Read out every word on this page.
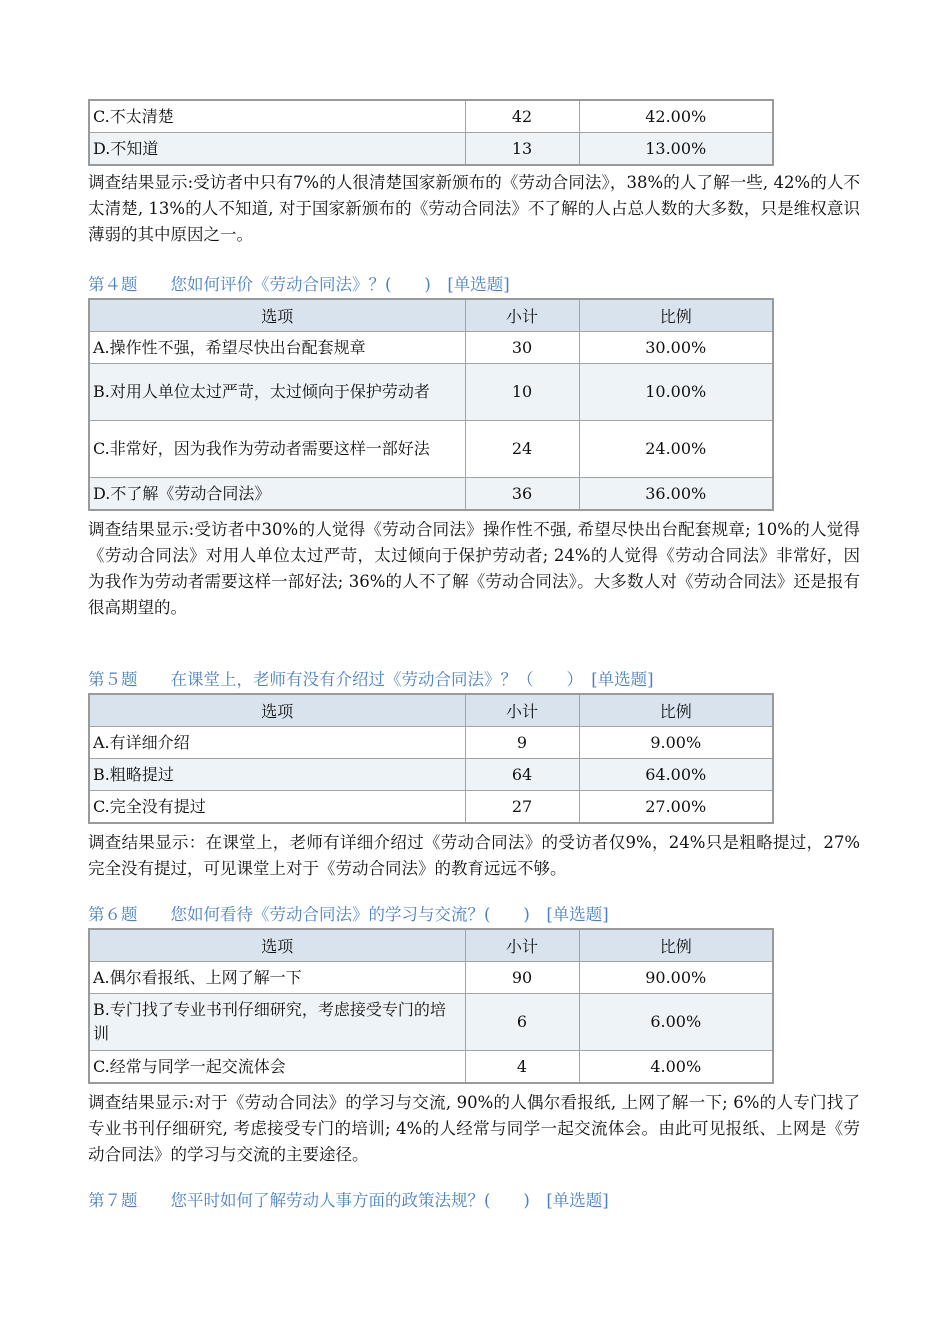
C.不太清楚	42	42.00%
D.不知道	13	13.00%

调查结果显示:受访者中只有7%的人很清楚国家新颁布的《劳动合同法》，38%的人了解一些, 42%的人不太清楚, 13%的人不知道, 对于国家新颁布的《劳动合同法》不了解的人占总人数的大多数，只是维权意识薄弱的其中原因之一。

第４题　　您如何评价《劳动合同法》？(　　)　[单选题]

选项	小计	比例
A.操作性不强，希望尽快出台配套规章	30	30.00%
B.对用人单位太过严苛，太过倾向于保护劳动者	10	10.00%
C.非常好，因为我作为劳动者需要这样一部好法	24	24.00%
D.不了解《劳动合同法》	36	36.00%

调查结果显示:受访者中30%的人觉得《劳动合同法》操作性不强, 希望尽快出台配套规章; 10%的人觉得《劳动合同法》对用人单位太过严苛，太过倾向于保护劳动者; 24%的人觉得《劳动合同法》非常好，因为我作为劳动者需要这样一部好法; 36%的人不了解《劳动合同法》。大多数人对《劳动合同法》还是报有很高期望的。

第５题　　在课堂上，老师有没有介绍过《劳动合同法》？（　　）　[单选题]

选项	小计	比例
A.有详细介绍	9	9.00%
B.粗略提过	64	64.00%
C.完全没有提过	27	27.00%

调查结果显示：在课堂上，老师有详细介绍过《劳动合同法》的受访者仅9%，24%只是粗略提过，27%完全没有提过，可见课堂上对于《劳动合同法》的教育远远不够。

第６题　　您如何看待《劳动合同法》的学习与交流？(　　)　[单选题]

选项	小计	比例
A.偶尔看报纸、上网了解一下	90	90.00%
B.专门找了专业书刊仔细研究，考虑接受专门的培训	6	6.00%
C.经常与同学一起交流体会	4	4.00%

调查结果显示:对于《劳动合同法》的学习与交流, 90%的人偶尔看报纸, 上网了解一下; 6%的人专门找了专业书刊仔细研究, 考虑接受专门的培训; 4%的人经常与同学一起交流体会。由此可见报纸、上网是《劳动合同法》的学习与交流的主要途径。

第７题　　您平时如何了解劳动人事方面的政策法规？(　　)　[单选题]
